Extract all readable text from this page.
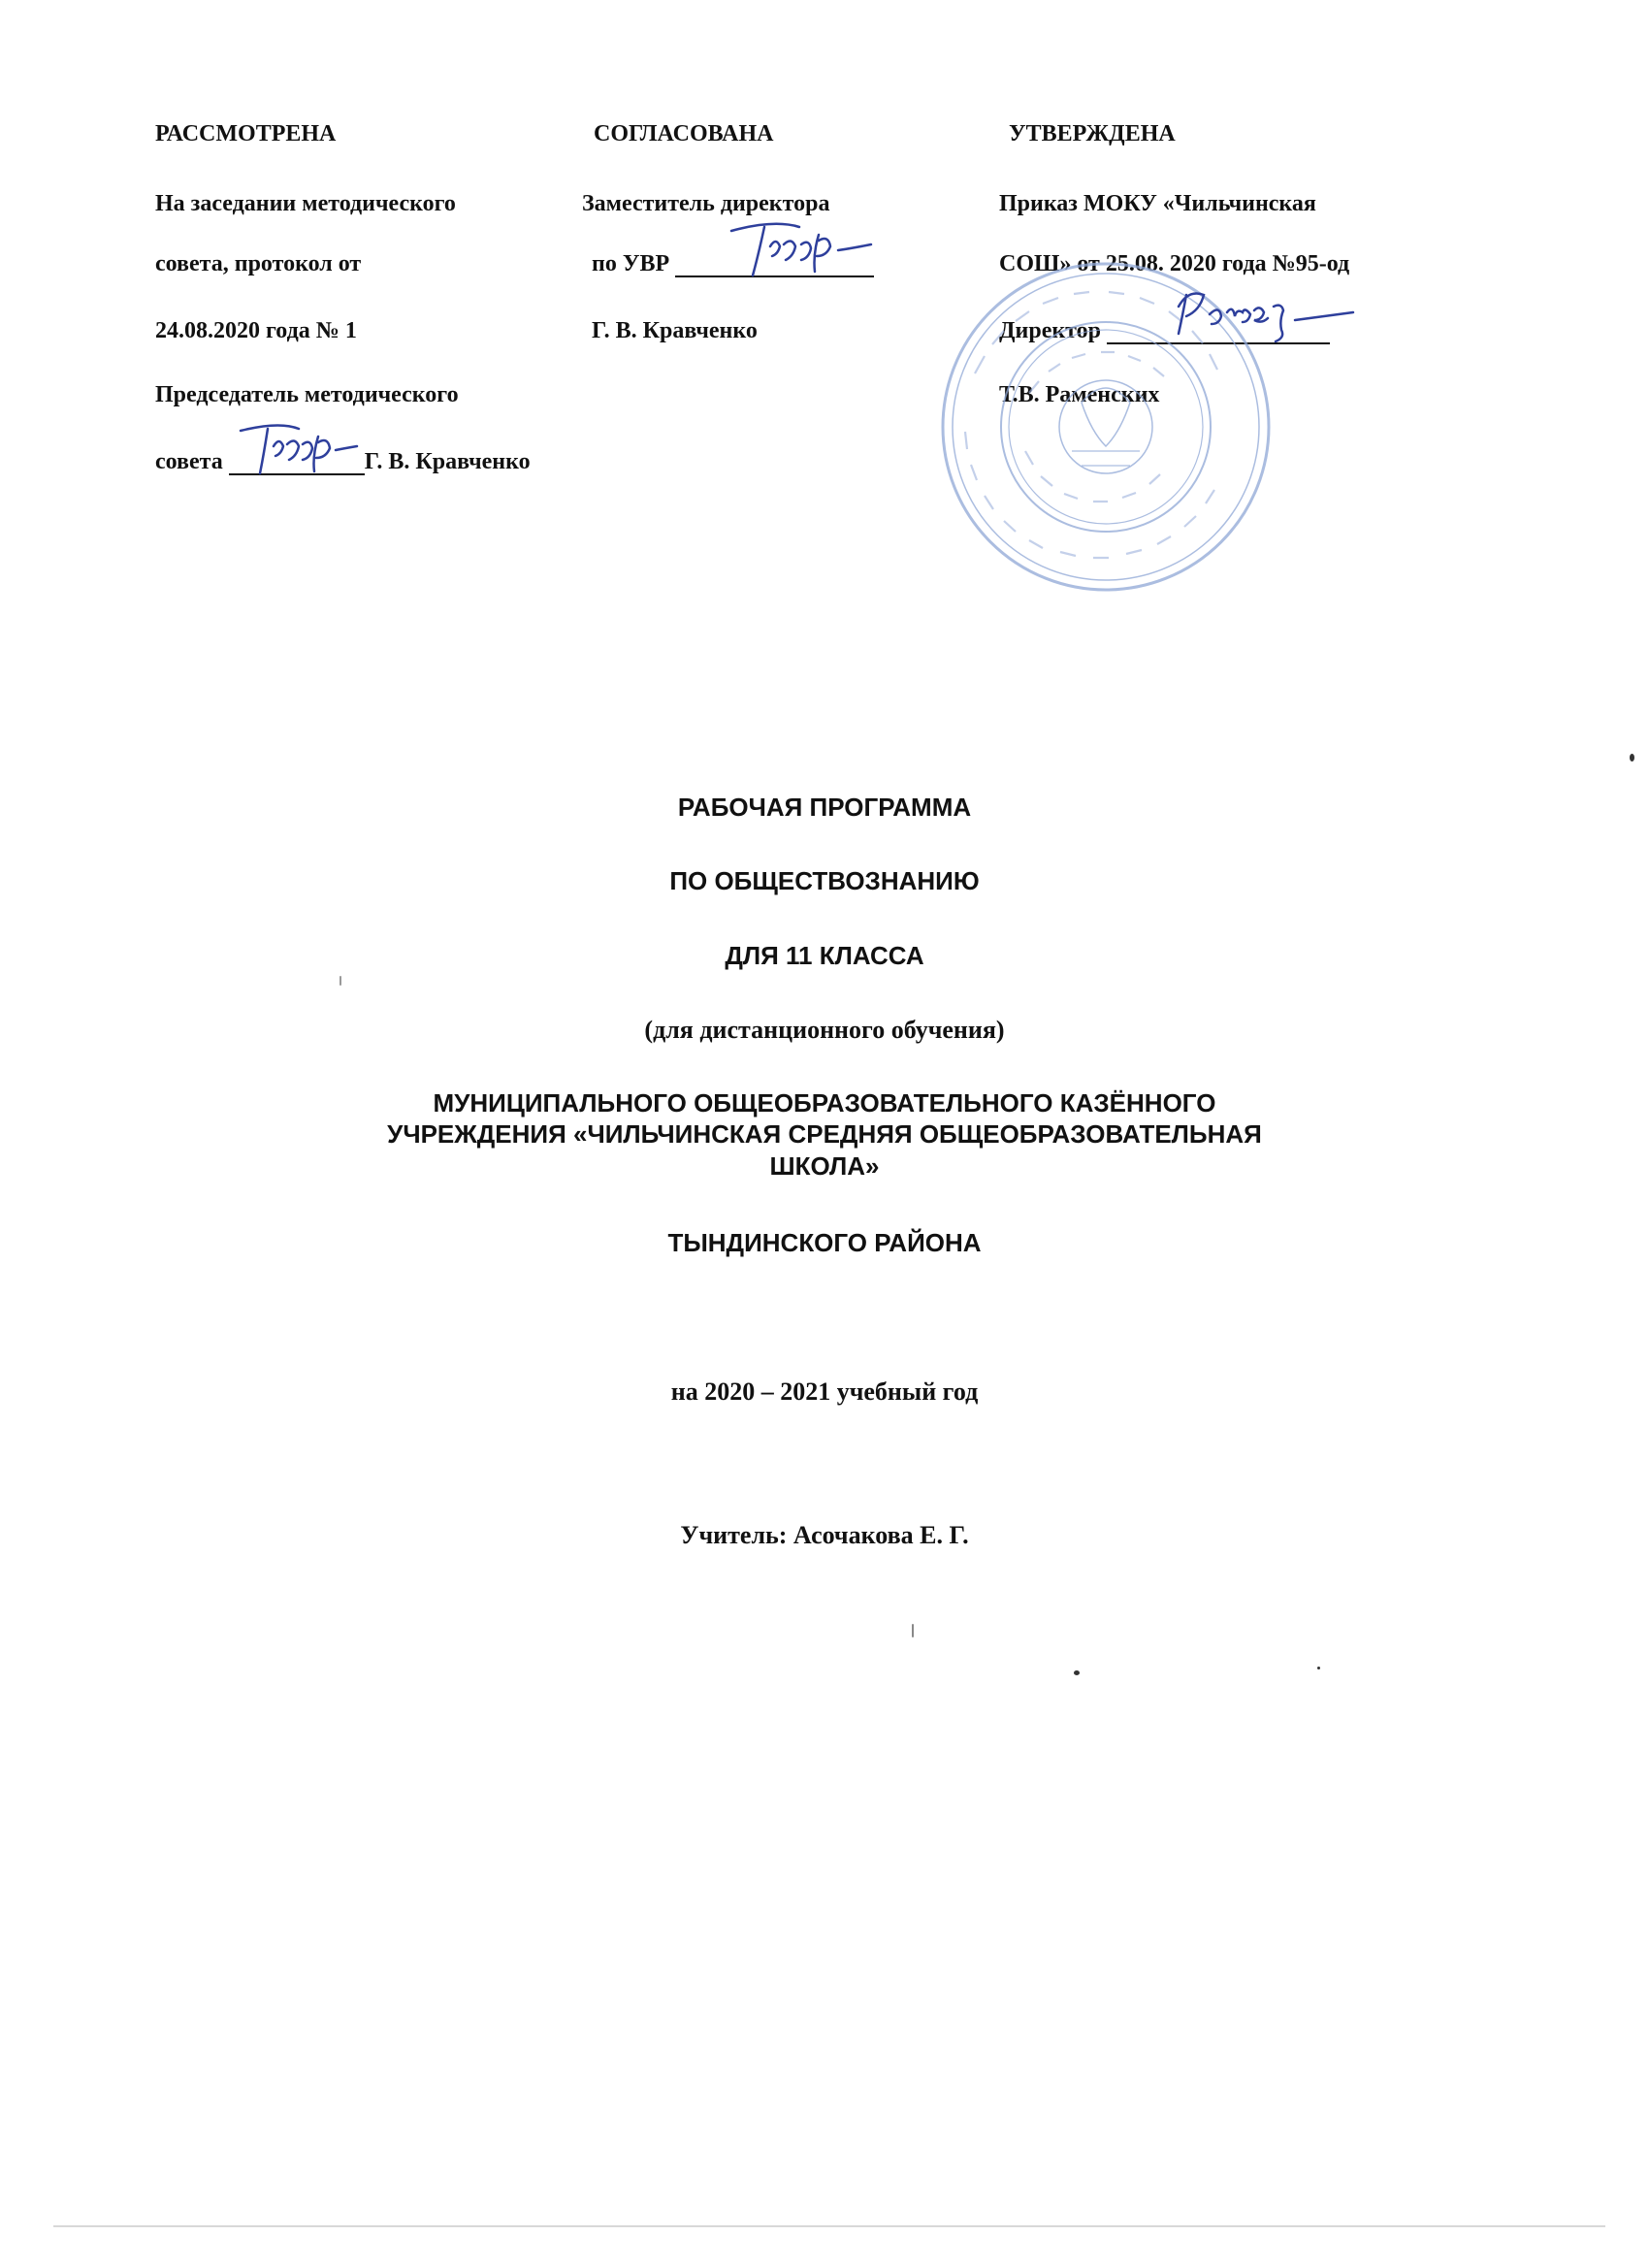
РАССМОТРЕНА
На заседании методического
совета, протокол от
24.08.2020 года № 1
Председатель методического
совета	Г. В. Кравченко
СОГЛАСОВАНА
Заместитель директора
по УВР
Г. В. Кравченко
УТВЕРЖДЕНА
Приказ МОКУ «Чильчинская
СОШ» от 25.08. 2020 года №95-од
Директор
Т.В. Раменских
РАБОЧАЯ ПРОГРАММА
ПО ОБЩЕСТВОЗНАНИЮ
ДЛЯ 11 КЛАССА
(для дистанционного обучения)
МУНИЦИПАЛЬНОГО ОБЩЕОБРАЗОВАТЕЛЬНОГО КАЗЁННОГО
УЧРЕЖДЕНИЯ «ЧИЛЬЧИНСКАЯ СРЕДНЯЯ ОБЩЕОБРАЗОВАТЕЛЬНАЯ
ШКОЛА»
ТЫНДИНСКОГО РАЙОНА
на 2020 – 2021 учебный год
Учитель: Асочакова Е. Г.
